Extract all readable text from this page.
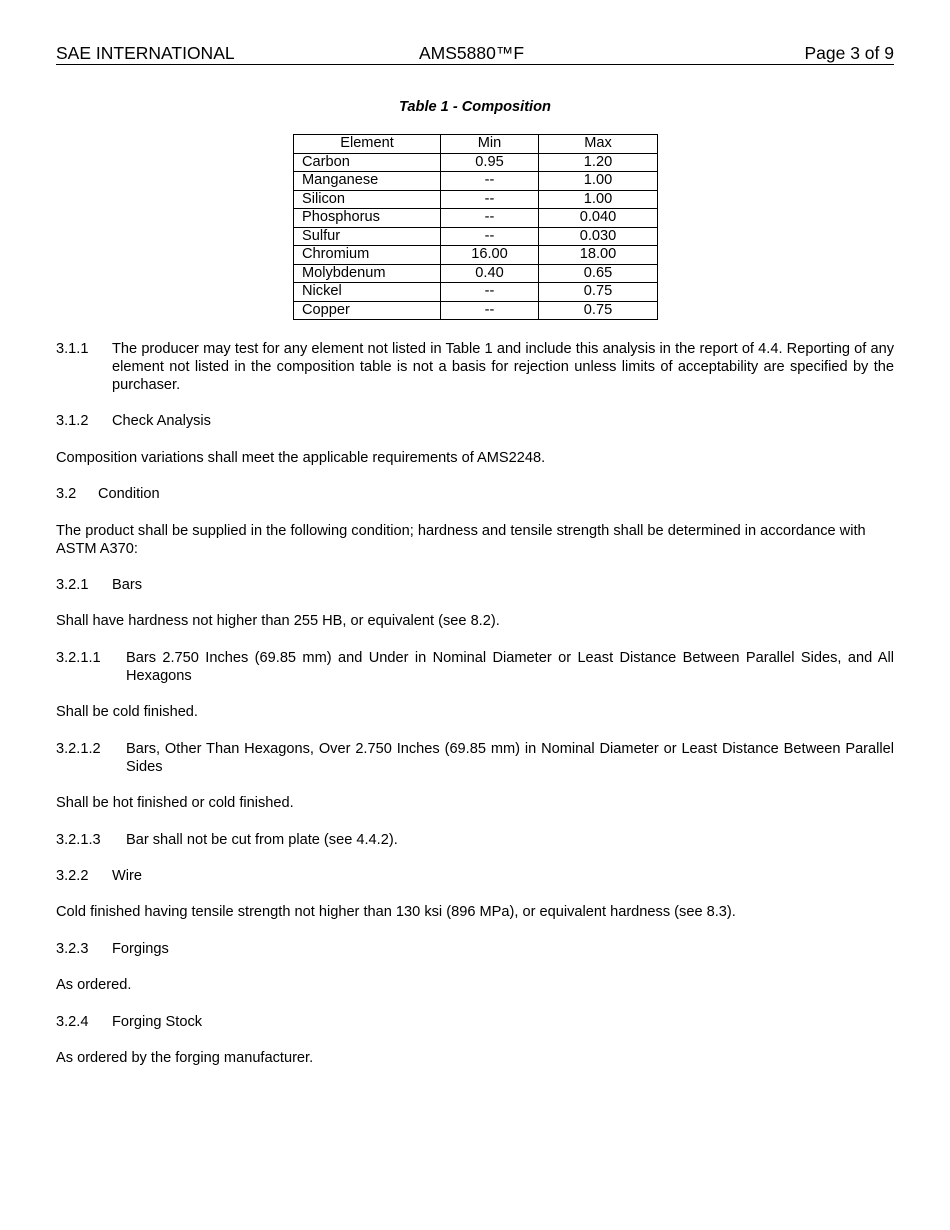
SAE INTERNATIONAL	AMS5880™F	Page 3 of 9
Table 1 - Composition
Element	Min	Max
Carbon	0.95	1.20
Manganese	--	1.00
Silicon	--	1.00
Phosphorus	--	0.040
Sulfur	--	0.030
Chromium	16.00	18.00
Molybdenum	0.40	0.65
Nickel	--	0.75
Copper	--	0.75
3.1.1 The producer may test for any element not listed in Table 1 and include this analysis in the report of 4.4. Reporting of any element not listed in the composition table is not a basis for rejection unless limits of acceptability are specified by the purchaser.
3.1.2 Check Analysis
Composition variations shall meet the applicable requirements of AMS2248.
3.2 Condition
The product shall be supplied in the following condition; hardness and tensile strength shall be determined in accordance with ASTM A370:
3.2.1 Bars
Shall have hardness not higher than 255 HB, or equivalent (see 8.2).
3.2.1.1 Bars 2.750 Inches (69.85 mm) and Under in Nominal Diameter or Least Distance Between Parallel Sides, and All Hexagons
Shall be cold finished.
3.2.1.2 Bars, Other Than Hexagons, Over 2.750 Inches (69.85 mm) in Nominal Diameter or Least Distance Between Parallel Sides
Shall be hot finished or cold finished.
3.2.1.3 Bar shall not be cut from plate (see 4.4.2).
3.2.2 Wire
Cold finished having tensile strength not higher than 130 ksi (896 MPa), or equivalent hardness (see 8.3).
3.2.3 Forgings
As ordered.
3.2.4 Forging Stock
As ordered by the forging manufacturer.
